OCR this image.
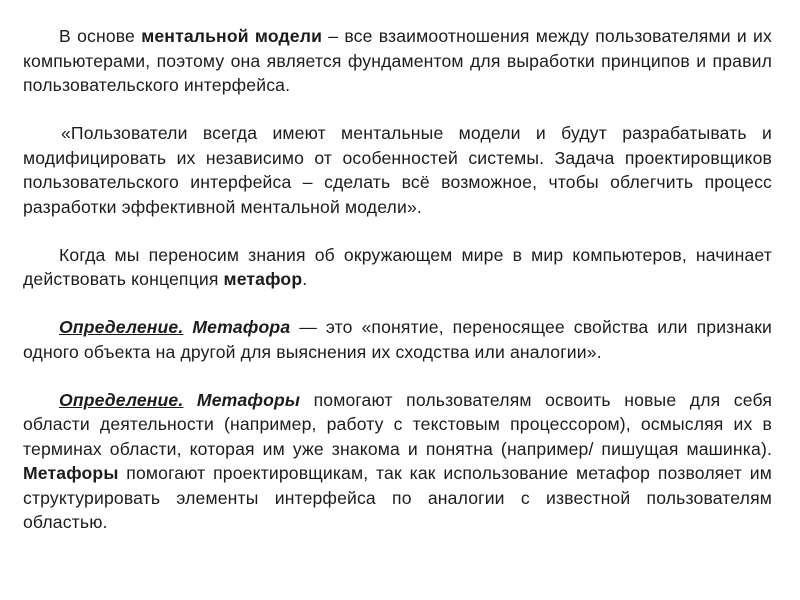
В основе ментальной модели – все взаимоотношения между пользователями и их компьютерами, поэтому она является фундаментом для выработки принципов и правил пользовательского интерфейса.

«Пользователи всегда имеют ментальные модели и будут разрабатывать и модифицировать их независимо от особенностей системы. Задача проектировщиков пользовательского интерфейса – сделать всё возможное, чтобы облегчить процесс разработки эффективной ментальной модели».

Когда мы переносим знания об окружающем мире в мир компьютеров, начинает действовать концепция метафор.

Определение. Метафора — это «понятие, переносящее свойства или признаки одного объекта на другой для выяснения их сходства или аналогии».

Определение. Метафоры помогают пользователям освоить новые для себя области деятельности (например, работу с текстовым процессором), осмысляя их в терминах области, которая им уже знакома и понятна (например/ пишущая машинка). Метафоры помогают проектировщикам, так как использование метафор позволяет им структурировать элементы интерфейса по аналогии с известной пользователям областью.
